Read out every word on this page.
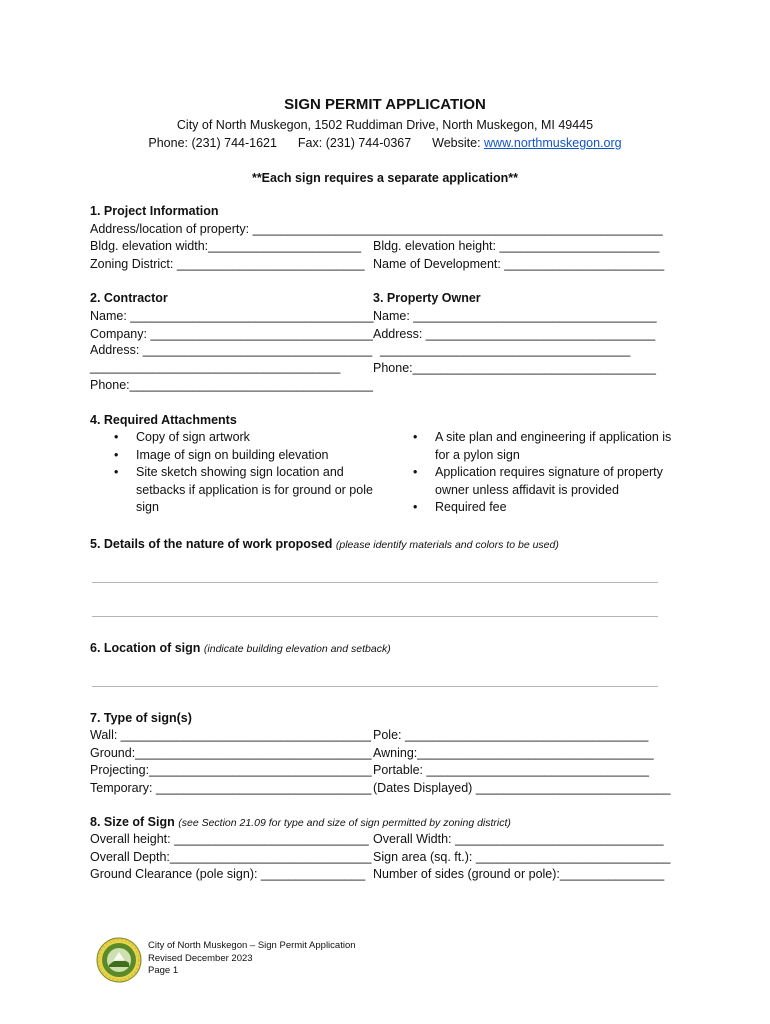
SIGN PERMIT APPLICATION
City of North Muskegon, 1502 Ruddiman Drive, North Muskegon, MI 49445
Phone: (231) 744-1621 Fax: (231) 744-0367 Website: www.northmuskegon.org
**Each sign requires a separate application**
1. Project Information
Address/location of property: ___________________________________________________________
Bldg. elevation width:______________________ Bldg. elevation height: _______________________
Zoning District: ___________________________ Name of Development: _______________________
2. Contractor
Name: ___________________________________
Company: ________________________________
Address: _________________________________
____________________________________
Phone:___________________________________
3. Property Owner
Name: ___________________________________
Address: _________________________________
____________________________________
Phone:___________________________________
4. Required Attachments
• Copy of sign artwork
• Image of sign on building elevation
• Site sketch showing sign location and
setbacks if application is for ground or pole
sign
• A site plan and engineering if application is
for a pylon sign
• Application requires signature of property
owner unless affidavit is provided
• Required fee
5. Details of the nature of work proposed (please identify materials and colors to be used)
6. Location of sign (indicate building elevation and setback)
7. Type of sign(s)
Wall: ____________________________________ Pole: ___________________________________
Ground:__________________________________ Awning:__________________________________
Projecting:________________________________ Portable: ________________________________
Temporary: _______________________________ (Dates Displayed) ____________________________
8. Size of Sign (see Section 21.09 for type and size of sign permitted by zoning district)
Overall height: ____________________________ Overall Width: ______________________________
Overall Depth:_____________________________ Sign area (sq. ft.): ____________________________
Ground Clearance (pole sign): _______________ Number of sides (ground or pole):_______________
City of North Muskegon – Sign Permit Application
Revised December 2023
Page 1
